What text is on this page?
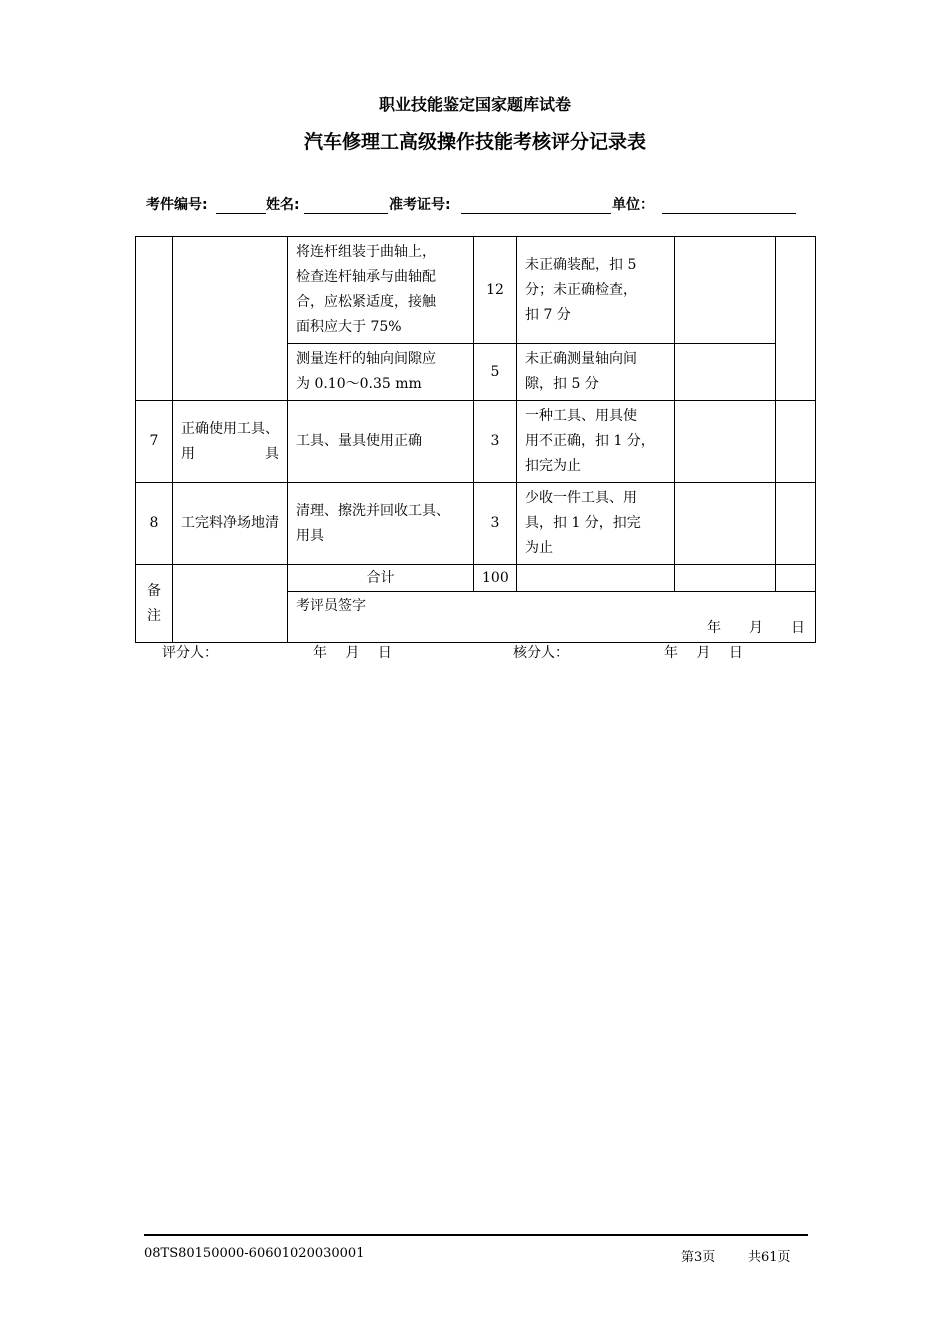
职业技能鉴定国家题库试卷
汽车修理工高级操作技能考核评分记录表
考件编号:	姓名:	准考证号:	单位：
		将连杆组装于曲轴上，
检查连杆轴承与曲轴配
合，应松紧适度，接触
面积应大于 75%	12	未正确装配，扣 5
分；未正确检查，
扣 7 分		
		测量连杆的轴向间隙应
为 0.10～0.35 mm	5	未正确测量轴向间
隙，扣 5 分		
7	正确使用工具、用具	工具、量具使用正确	3	一种工具、用具使
用不正确，扣 1 分，
扣完为止		
8	工完料净场地清	清理、擦洗并回收工具、
用具	3	少收一件工具、用
具，扣 1 分，扣完
为止		
备
注		合计	100			

		考评员签字
年　　月　　日				
评分人：	年　 月　 日	核分人：	年　 月　 日
08TS80150000-60601020030001	第3页	共61页
